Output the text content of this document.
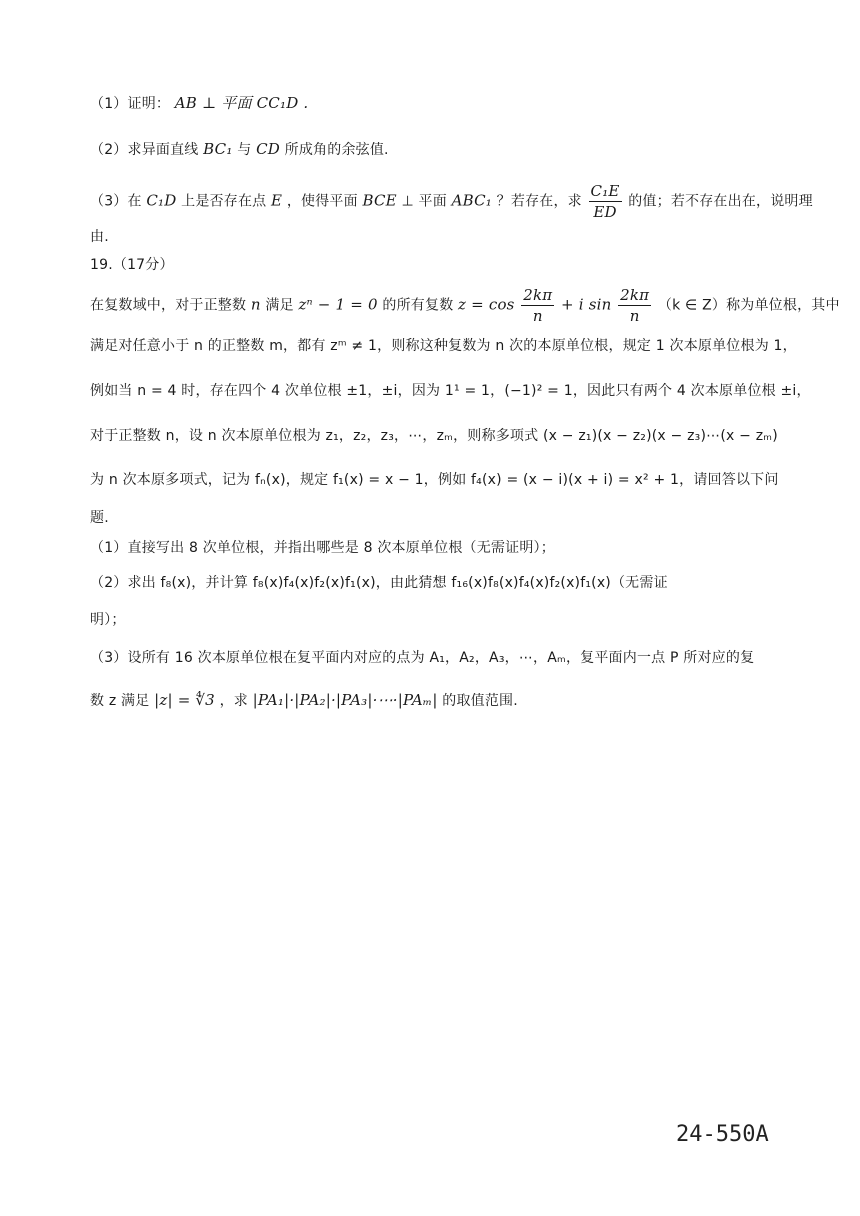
（1）证明： AB ⊥ 平面 CC₁D .
（2）求异面直线 BC₁ 与 CD 所成角的余弦值.
（3）在 C₁D 上是否存在点 E ，使得平面 BCE ⊥ 平面 ABC₁ ？若存在，求 $\frac{\text{C₁E}}{ED}$ 的值；若不存在出在，说明理
由.
19.（17分）
在复数域中，对于正整数 n 满足 zⁿ − 1 = 0 的所有复数 $z = \cos \frac{2k\pi}{n} + i$ $\sin \frac{2k\pi}{n} (k$ ∈ Z）称为单位根，其中
满足对任意小于 n 的正整数 m，都有 zᵐ ≠ 1，则称这种复数为 n 次的本原单位根，规定 1 次本原单位根为 1，
例如当 n = 4 时，存在四个 4 次单位根 ±1，±i，因为 1¹ = 1，(−1)² = 1，因此只有两个 4 次本原单位根 ±i，
对于正整数 n，设 n 次本原单位根为 z₁，z₂，z₃，⋯，zₘ，则称多项式 (x − z₁)(x − z₂)(x − z₃)⋯(x − zₘ)
为 n 次本原多项式，记为 fₙ(x)，规定 f₁(x) = x − 1，例如 f₄(x) = (x − i)(x + i) = x² + 1，请回答以下问
题.
（1）直接写出 8 次单位根，并指出哪些是 8 次本原单位根（无需证明）；
（2）求出 f₈(x)，并计算 f₈(x)f₄(x)f₂(x)f₁(x)，由此猜想 f₁₆(x)f₈(x)f₄(x)f₂(x)f₁(x)（无需证
明）；
（3）设所有 16 次本原单位根在复平面内对应的点为 A₁，A₂，A₃，⋯，Aₘ，复平面内一点 P 所对应的复
数 z 满足 |z| = ∜3 ，求 |PA₁|·|PA₂|·|PA₃|·⋯·|PAₘ| 的取值范围.
24-550A
